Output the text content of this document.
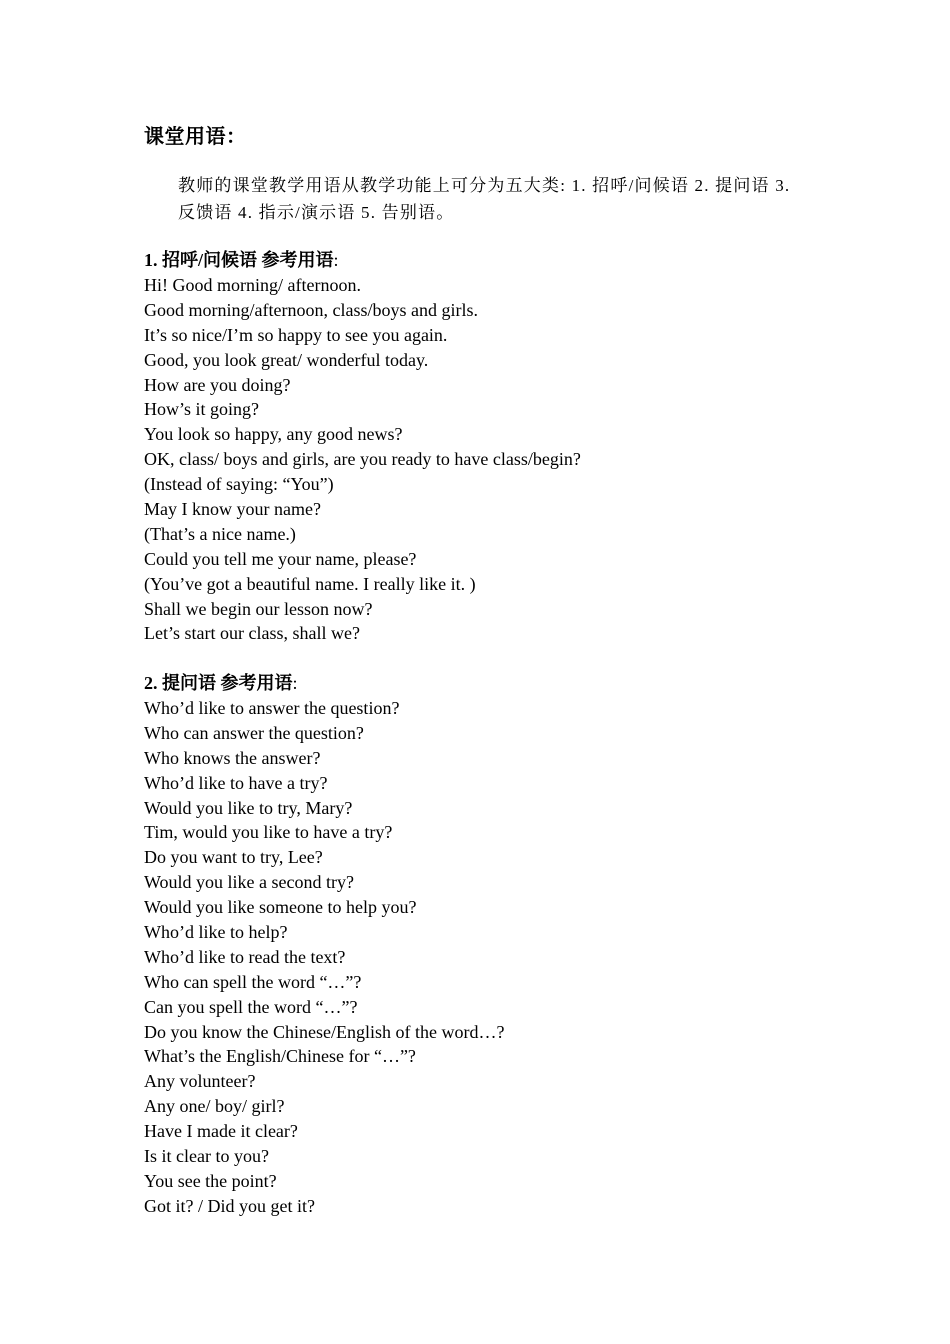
课堂用语：
教师的课堂教学用语从教学功能上可分为五大类: 1. 招呼/问候语 2. 提问语 3. 反馈语 4. 指示/演示语 5. 告别语。
1. 招呼/问候语 参考用语:
Hi! Good morning/ afternoon.
Good morning/afternoon, class/boys and girls.
It’s so nice/I’m so happy to see you again.
Good, you look great/ wonderful today.
How are you doing?
How’s it going?
You look so happy, any good news?
OK, class/ boys and girls, are you ready to have class/begin?
(Instead of saying: “You”)
May I know your name?
(That’s a nice name.)
Could you tell me your name, please?
(You’ve got a beautiful name. I really like it. )
Shall we begin our lesson now?
Let’s start our class, shall we?
2. 提问语 参考用语:
Who’d like to answer the question?
Who can answer the question?
Who knows the answer?
Who’d like to have a try?
Would you like to try, Mary?
Tim, would you like to have a try?
Do you want to try, Lee?
Would you like a second try?
Would you like someone to help you?
Who’d like to help?
Who’d like to read the text?
Who can spell the word “…”?
Can you spell the word “…”?
Do you know the Chinese/English of the word…?
What’s the English/Chinese for “…”?
Any volunteer?
Any one/ boy/ girl?
Have I made it clear?
Is it clear to you?
You see the point?
Got it? / Did you get it?
